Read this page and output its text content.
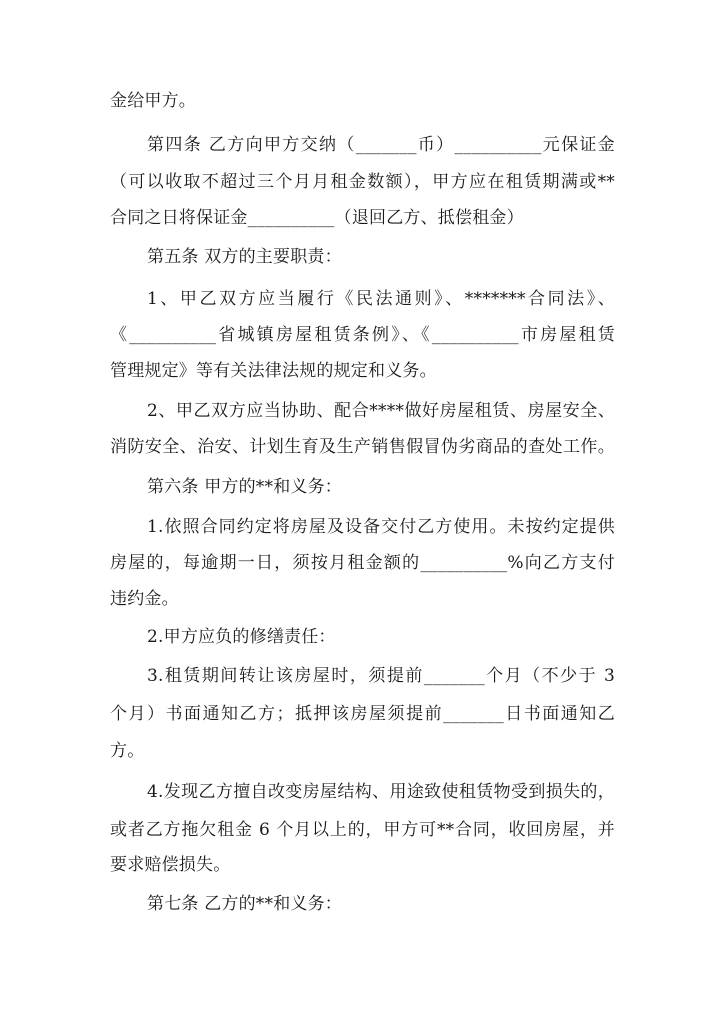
金给甲方。
第四条 乙方向甲方交纳（_______币）__________元保证金
（可以收取不超过三个月月租金数额），甲方应在租赁期满或**
合同之日将保证金__________（退回乙方、抵偿租金）
第五条 双方的主要职责：
1、甲乙双方应当履行《民法通则》、*******合同法》、
《__________省城镇房屋租赁条例》、《__________市房屋租赁
管理规定》等有关法律法规的规定和义务。
2、甲乙双方应当协助、配合****做好房屋租赁、房屋安全、
消防安全、治安、计划生育及生产销售假冒伪劣商品的查处工作。
第六条 甲方的**和义务：
1.依照合同约定将房屋及设备交付乙方使用。未按约定提供
房屋的，每逾期一日，须按月租金额的__________%向乙方支付
违约金。
2.甲方应负的修缮责任：
3.租赁期间转让该房屋时，须提前_______个月（不少于 3
个月）书面通知乙方；抵押该房屋须提前_______日书面通知乙
方。
4.发现乙方擅自改变房屋结构、用途致使租赁物受到损失的，
或者乙方拖欠租金 6 个月以上的，甲方可**合同，收回房屋，并
要求赔偿损失。
第七条 乙方的**和义务：
